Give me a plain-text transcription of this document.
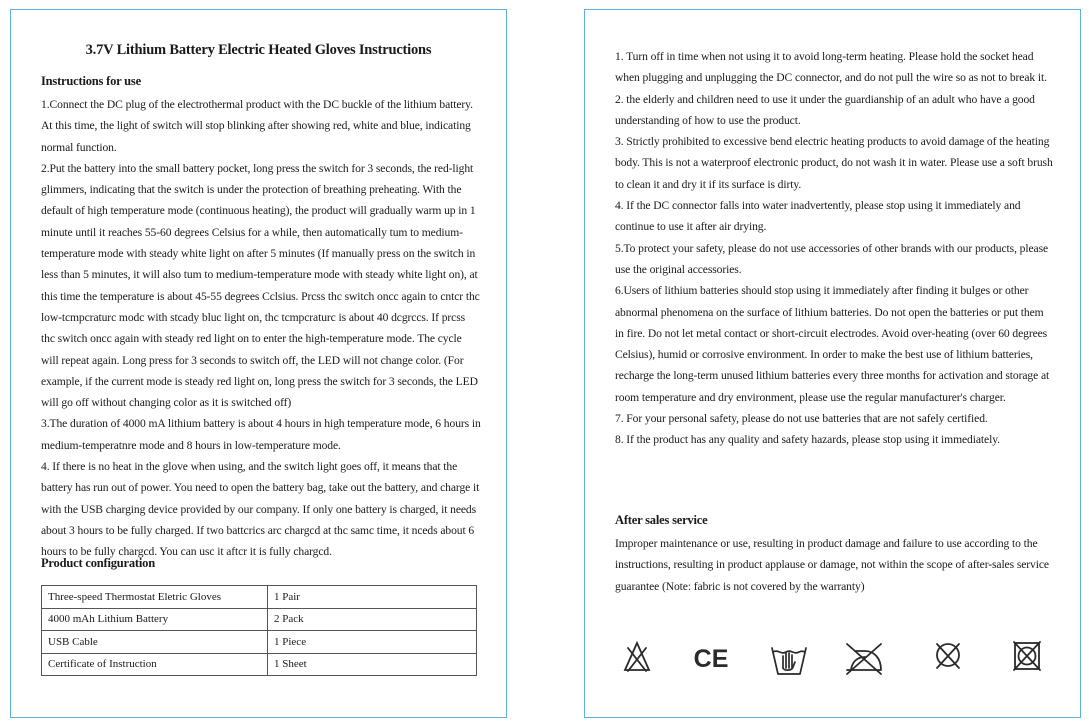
3.7V Lithium Battery Electric Heated Gloves Instructions
Instructions for use

1.Connect the DC plug of the electrothermal product with the DC buckle of the lithium battery. At this time, the light of switch will stop blinking after showing red, white and blue, indicating normal function.

2.Put the battery into the small battery pocket, long press the switch for 3 seconds, the red-light glimmers, indicating that the switch is under the protection of breathing preheating. With the default of high temperature mode (continuous heating), the product will gradually warm up in 1 minute until it reaches 55-60 degrees Celsius for a while, then automatically tum to medium-temperature mode with steady white light on after 5 minutes (If manually press on the switch in less than 5 minutes, it will also tum to medium-temperature mode with steady white light on), at this time the temperature is about 45-55 degrees Cclsius. Prcss thc switch oncc again to cntcr thc low-tcmpcraturc modc with stcady bluc light on, thc tcmpcraturc is about 40 dcgrccs. If prcss thc switch oncc again with steady red light on to enter the high-temperature mode. The cycle will repeat again. Long press for 3 seconds to switch off, the LED will not change color. (For example, if the current mode is steady red light on, long press the switch for 3 seconds, the LED will go off without changing color as it is switched off)

3.The duration of 4000 mA lithium battery is about 4 hours in high temperature mode, 6 hours in medium-temperatnre mode and 8 hours in low-temperature mode.

4. If there is no heat in the glove when using, and the switch light goes off, it means that the battery has run out of power. You need to open the battery bag, take out the battery, and charge it with the USB charging device provided by our company. If only one battery is charged, it needs about 3 hours to be fully charged. If two battcrics arc chargcd at thc samc time, it nceds about 6 hours to be fully chargcd. You can usc it aftcr it is fully chargcd.

Product configuration
Three-speed Thermostat Eletric Gloves	1 Pair
4000 mAh Lithium Battery	2 Pack
USB Cable	1 Piece
Certificate of Instruction	1 Sheet

1. Turn off in time when not using it to avoid long-term heating. Please hold the socket head when plugging and unplugging the DC connector, and do not pull the wire so as not to break it.

2. the elderly and children need to use it under the guardianship of an adult who have a good understanding of how to use the product.

3. Strictly prohibited to excessive bend electric heating products to avoid damage of the heating body. This is not a waterproof electronic product, do not wash it in water. Please use a soft brush to clean it and dry it if its surface is dirty.

4. If the DC connector falls into water inadvertently, please stop using it immediately and continue to use it after air drying.

5.To protect your safety, please do not use accessories of other brands with our products, please use the original accessories.

6.Users of lithium batteries should stop using it immediately after finding it bulges or other abnormal phenomena on the surface of lithium batteries. Do not open the batteries or put them in fire. Do not let metal contact or short-circuit electrodes. Avoid over-heating (over 60 degrees Celsius), humid or corrosive environment. In order to make the best use of lithium batteries, recharge the long-term unused lithium batteries every three months for activation and storage at room temperature and dry environment, please use the regular manufacturer's charger.

7. For your personal safety, please do not use batteries that are not safely certified.

8. If the product has any quality and safety hazards, please stop using it immediately.

After sales service

Improper maintenance or use, resulting in product damage and failure to use according to the instructions, resulting in product applause or damage, not within the scope of after-sales service guarantee (Note: fabric is not covered by the warranty)

CE
